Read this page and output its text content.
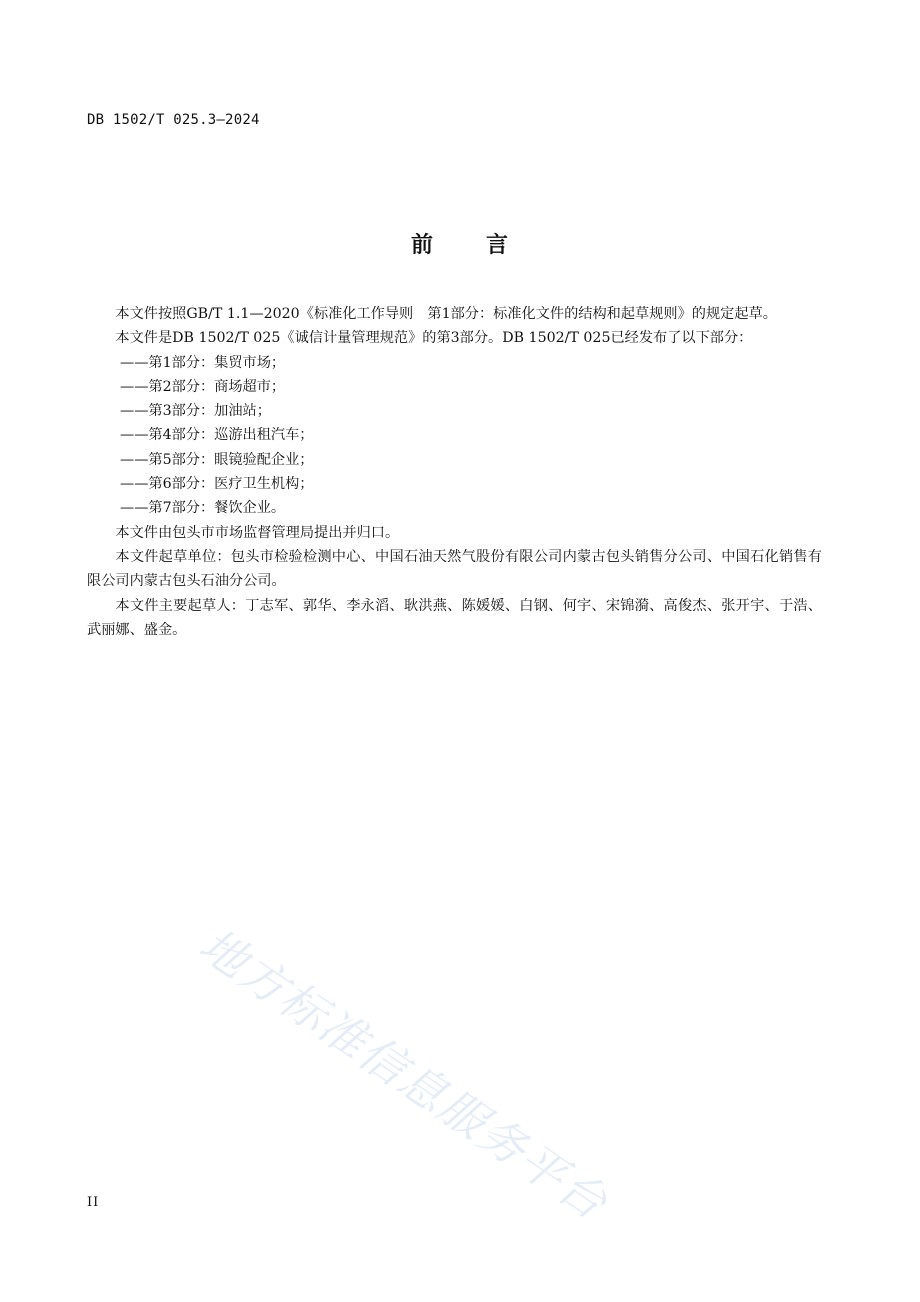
DB 1502/T 025.3—2024
前 言

本文件按照GB/T 1.1—2020《标准化工作导则　第1部分：标准化文件的结构和起草规则》的规定起草。

本文件是DB 1502/T 025《诚信计量管理规范》的第3部分。DB 1502/T 025已经发布了以下部分：

——第1部分：集贸市场；

——第2部分：商场超市；

——第3部分：加油站；

——第4部分：巡游出租汽车；

——第5部分：眼镜验配企业；

——第6部分：医疗卫生机构；

——第7部分：餐饮企业。

本文件由包头市市场监督管理局提出并归口。

本文件起草单位：包头市检验检测中心、中国石油天然气股份有限公司内蒙古包头销售分公司、中国石化销售有限公司内蒙古包头石油分公司。

本文件主要起草人：丁志军、郭华、李永滔、耿洪燕、陈媛媛、白钢、何宇、宋锦漪、高俊杰、张开宇、于浩、武丽娜、盛金。

地方标准信息服务平台
II
